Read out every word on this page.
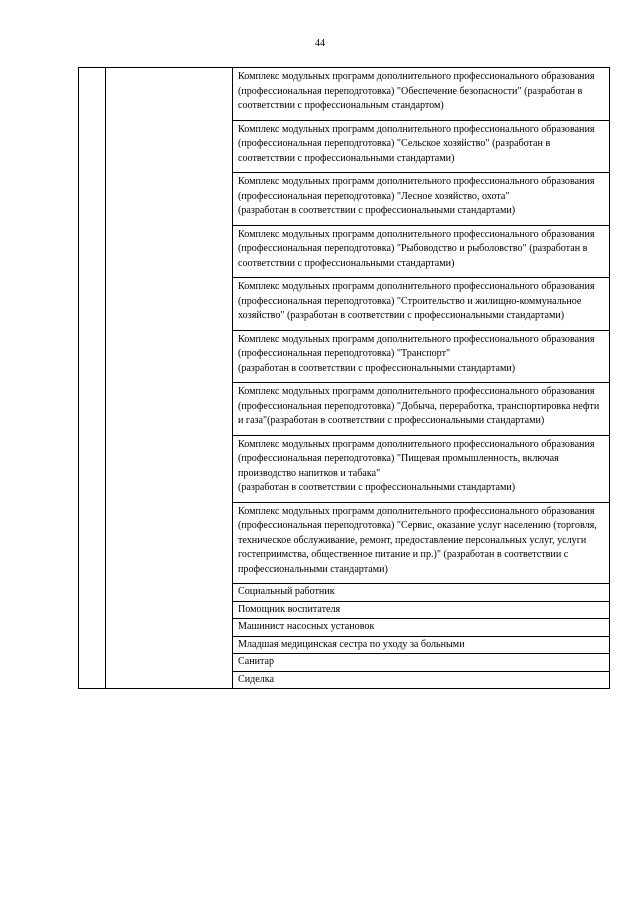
44

Комплекс модульных программ дополнительного профессионального образования (профессиональная переподготовка) "Обеспечение безопасности" (разработан в соответствии с профессиональным стандартом)

Комплекс модульных программ дополнительного профессионального образования (профессиональная переподготовка) "Сельское хозяйство" (разработан в соответствии с профессиональными стандартами)

Комплекс модульных программ дополнительного профессионального образования (профессиональная переподготовка) "Лесное хозяйство, охота"
(разработан в соответствии с профессиональными стандартами)

Комплекс модульных программ дополнительного профессионального образования (профессиональная переподготовка) "Рыбоводство и рыболовство" (разработан в соответствии с профессиональными стандартами)

Комплекс модульных программ дополнительного профессионального образования (профессиональная переподготовка) "Строительство и жилищно-коммунальное хозяйство" (разработан в соответствии с профессиональными стандартами)

Комплекс модульных программ дополнительного профессионального образования (профессиональная переподготовка) "Транспорт"
(разработан в соответствии с профессиональными стандартами)

Комплекс модульных программ дополнительного профессионального образования (профессиональная переподготовка) "Добыча, переработка, транспортировка нефти и газа"(разработан в соответствии с профессиональными стандартами)

Комплекс модульных программ дополнительного профессионального образования (профессиональная переподготовка) "Пищевая промышленность, включая производство напитков и табака"
(разработан в соответствии с профессиональными стандартами)

Комплекс модульных программ дополнительного профессионального образования (профессиональная переподготовка) "Сервис, оказание услуг населению (торговля, техническое обслуживание, ремонт, предоставление персональных услуг, услуги гостеприимства, общественное питание и пр.)" (разработан в соответствии с профессиональными стандартами)

Социальный работник

Помощник воспитателя

Машинист насосных установок

Младшая медицинская сестра по уходу за больными

Санитар

Сиделка
